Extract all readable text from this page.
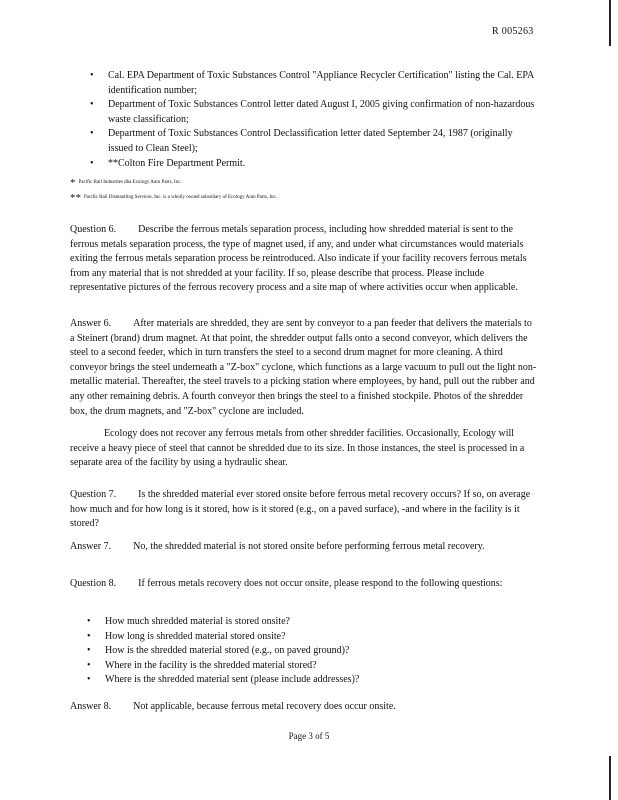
R 005263
• Cal. EPA Department of Toxic Substances Control "Appliance Recycler Certification" listing the Cal. EPA identification number;
• Department of Toxic Substances Control letter dated August I, 2005 giving confirmation of non-hazardous waste classification;
• Department of Toxic Substances Control Declassification letter dated September 24, 1987 (originally issued to Clean Steel);
• **Colton Fire Department Permit.
* Pacific Rail Industries dba Ecology Auto Parts, Inc.
** Pacific Rail Dismantling Services, Inc. is a wholly owned subsidiary of Ecology Auto Parts, Inc.
Question 6. Describe the ferrous metals separation process, including how shredded material is sent to the ferrous metals separation process, the type of magnet used, if any, and under what circumstances would materials exiting the ferrous metals separation process be reintroduced. Also indicate if your facility recovers ferrous metals from any material that is not shredded at your facility. If so, please describe that process. Please include representative pictures of the ferrous recovery process and a site map of where activities occur when applicable.

Answer 6. After materials are shredded, they are sent by conveyor to a pan feeder that delivers the materials to a Steinert (brand) drum magnet. At that point, the shredder output falls onto a second conveyor, which delivers the steel to a second feeder, which in turn transfers the steel to a second drum magnet for more cleaning. A third conveyor brings the steel underneath a "Z-box" cyclone, which functions as a large vacuum to pull out the light non-metallic material. Thereafter, the steel travels to a picking station where employees, by hand, pull out the rubber and any other remaining debris. A fourth conveyor then brings the steel to a finished stockpile. Photos of the shredder box, the drum magnets, and "Z-box" cyclone are included.

Ecology does not recover any ferrous metals from other shredder facilities. Occasionally, Ecology will receive a heavy piece of steel that cannot be shredded due to its size. In those instances, the steel is processed in a separate area of the facility by using a hydraulic shear.

Question 7. Is the shredded material ever stored onsite before ferrous metal recovery occurs? If so, on average how much and for how long is it stored, how is it stored (e.g., on a paved surface), -and where in the facility is it stored?
Answer 7. No, the shredded material is not stored onsite before performing ferrous metal recovery.
Question 8. If ferrous metals recovery does not occur onsite, please respond to the following questions:
• How much shredded material is stored onsite?
• How long is shredded material stored onsite?
• How is the shredded material stored (e.g., on paved ground)?
• Where in the facility is the shredded material stored?
• Where is the shredded material sent (please include addresses)?
Answer 8. Not applicable, because ferrous metal recovery does occur onsite.
Page 3 of 5
